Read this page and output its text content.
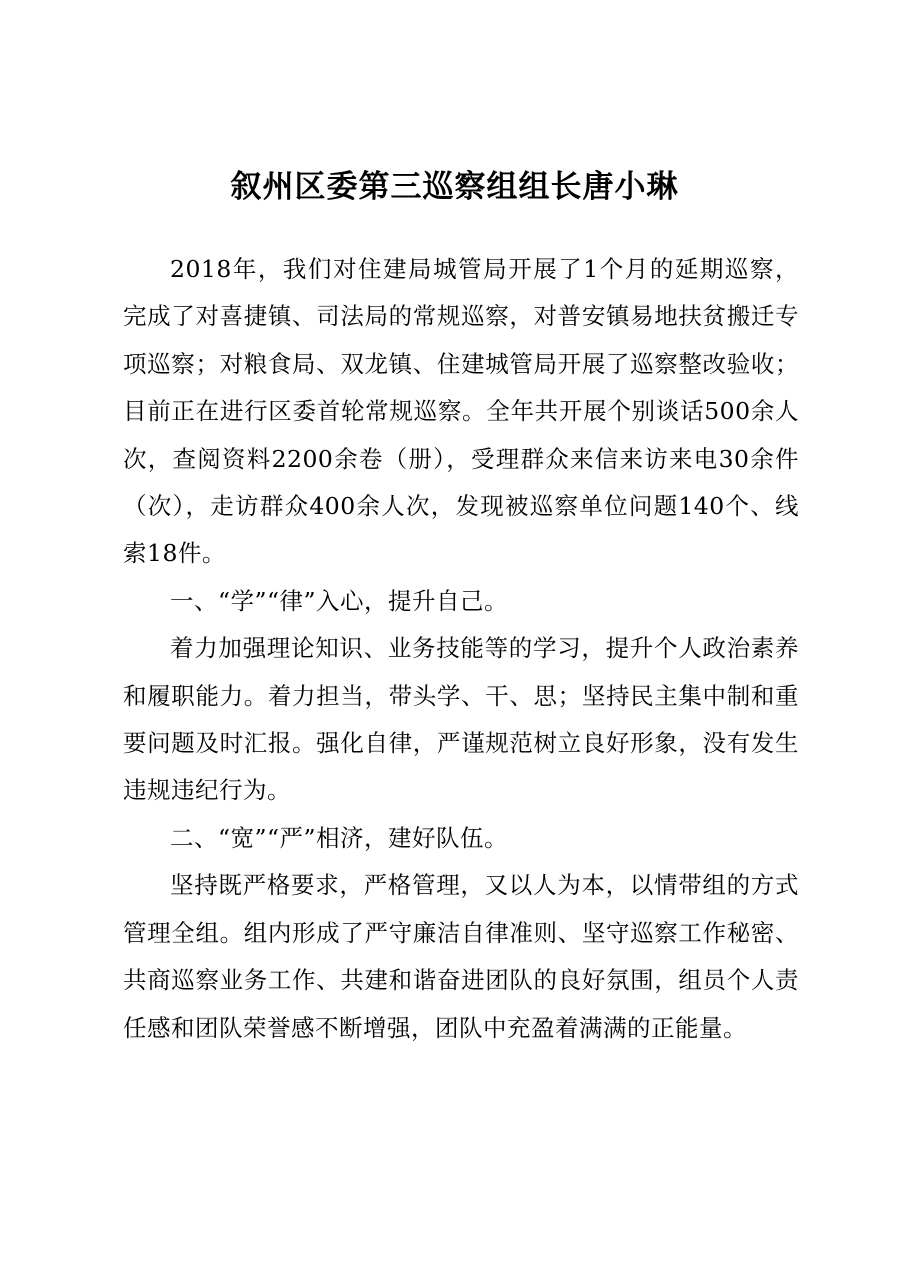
叙州区委第三巡察组组长唐小琳

2018年，我们对住建局城管局开展了1个月的延期巡察，完成了对喜捷镇、司法局的常规巡察，对普安镇易地扶贫搬迁专项巡察；对粮食局、双龙镇、住建城管局开展了巡察整改验收；目前正在进行区委首轮常规巡察。全年共开展个别谈话500余人次，查阅资料2200余卷（册），受理群众来信来访来电30余件（次），走访群众400余人次，发现被巡察单位问题140个、线索18件。

一、“学”“律”入心，提升自己。

着力加强理论知识、业务技能等的学习，提升个人政治素养和履职能力。着力担当，带头学、干、思；坚持民主集中制和重要问题及时汇报。强化自律，严谨规范树立良好形象，没有发生违规违纪行为。

二、“宽”“严”相济，建好队伍。

坚持既严格要求，严格管理，又以人为本，以情带组的方式管理全组。组内形成了严守廉洁自律准则、坚守巡察工作秘密、共商巡察业务工作、共建和谐奋进团队的良好氛围，组员个人责任感和团队荣誉感不断增强，团队中充盈着满满的正能量。
